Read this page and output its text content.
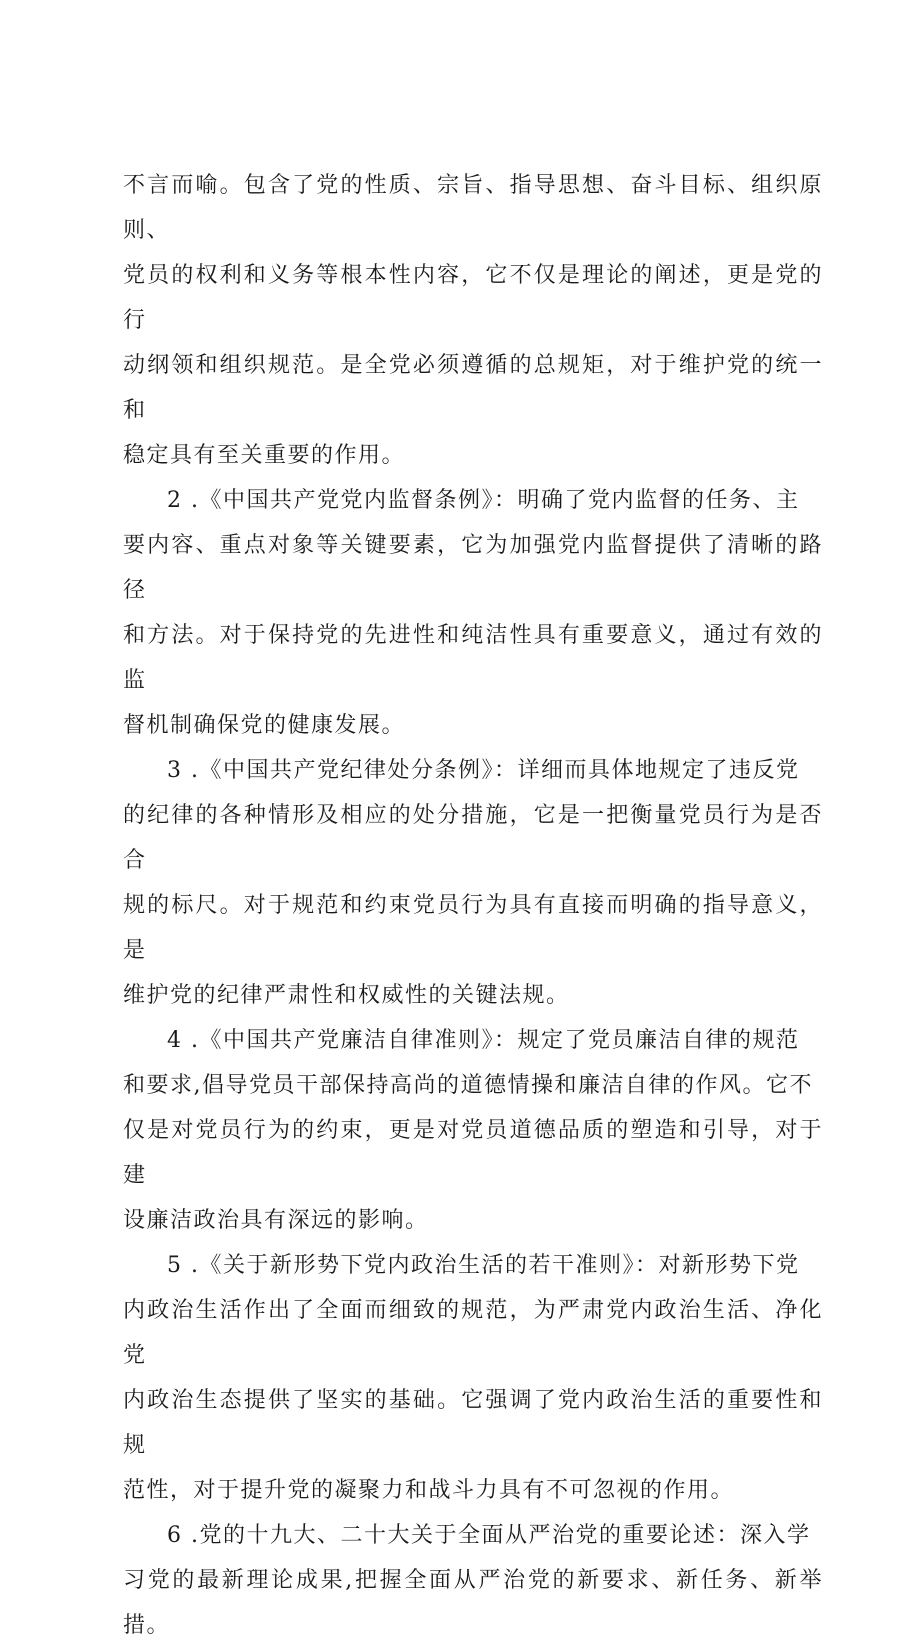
不言而喻。包含了党的性质、宗旨、指导思想、奋斗目标、组织原则、
党员的权利和义务等根本性内容，它不仅是理论的阐述，更是党的行
动纲领和组织规范。是全党必须遵循的总规矩，对于维护党的统一和
稳定具有至关重要的作用。

2 .《中国共产党党内监督条例》：明确了党内监督的任务、主
要内容、重点对象等关键要素，它为加强党内监督提供了清晰的路径
和方法。对于保持党的先进性和纯洁性具有重要意义，通过有效的监
督机制确保党的健康发展。

3 .《中国共产党纪律处分条例》：详细而具体地规定了违反党
的纪律的各种情形及相应的处分措施，它是一把衡量党员行为是否合
规的标尺。对于规范和约束党员行为具有直接而明确的指导意义，是
维护党的纪律严肃性和权威性的关键法规。

4 .《中国共产党廉洁自律准则》：规定了党员廉洁自律的规范
和要求,倡导党员干部保持高尚的道德情操和廉洁自律的作风。它不
仅是对党员行为的约束，更是对党员道德品质的塑造和引导，对于建
设廉洁政治具有深远的影响。

5 .《关于新形势下党内政治生活的若干准则》：对新形势下党
内政治生活作出了全面而细致的规范，为严肃党内政治生活、净化党
内政治生态提供了坚实的基础。它强调了党内政治生活的重要性和规
范性，对于提升党的凝聚力和战斗力具有不可忽视的作用。

6 .党的十九大、二十大关于全面从严治党的重要论述：深入学
习党的最新理论成果,把握全面从严治党的新要求、新任务、新举措。
